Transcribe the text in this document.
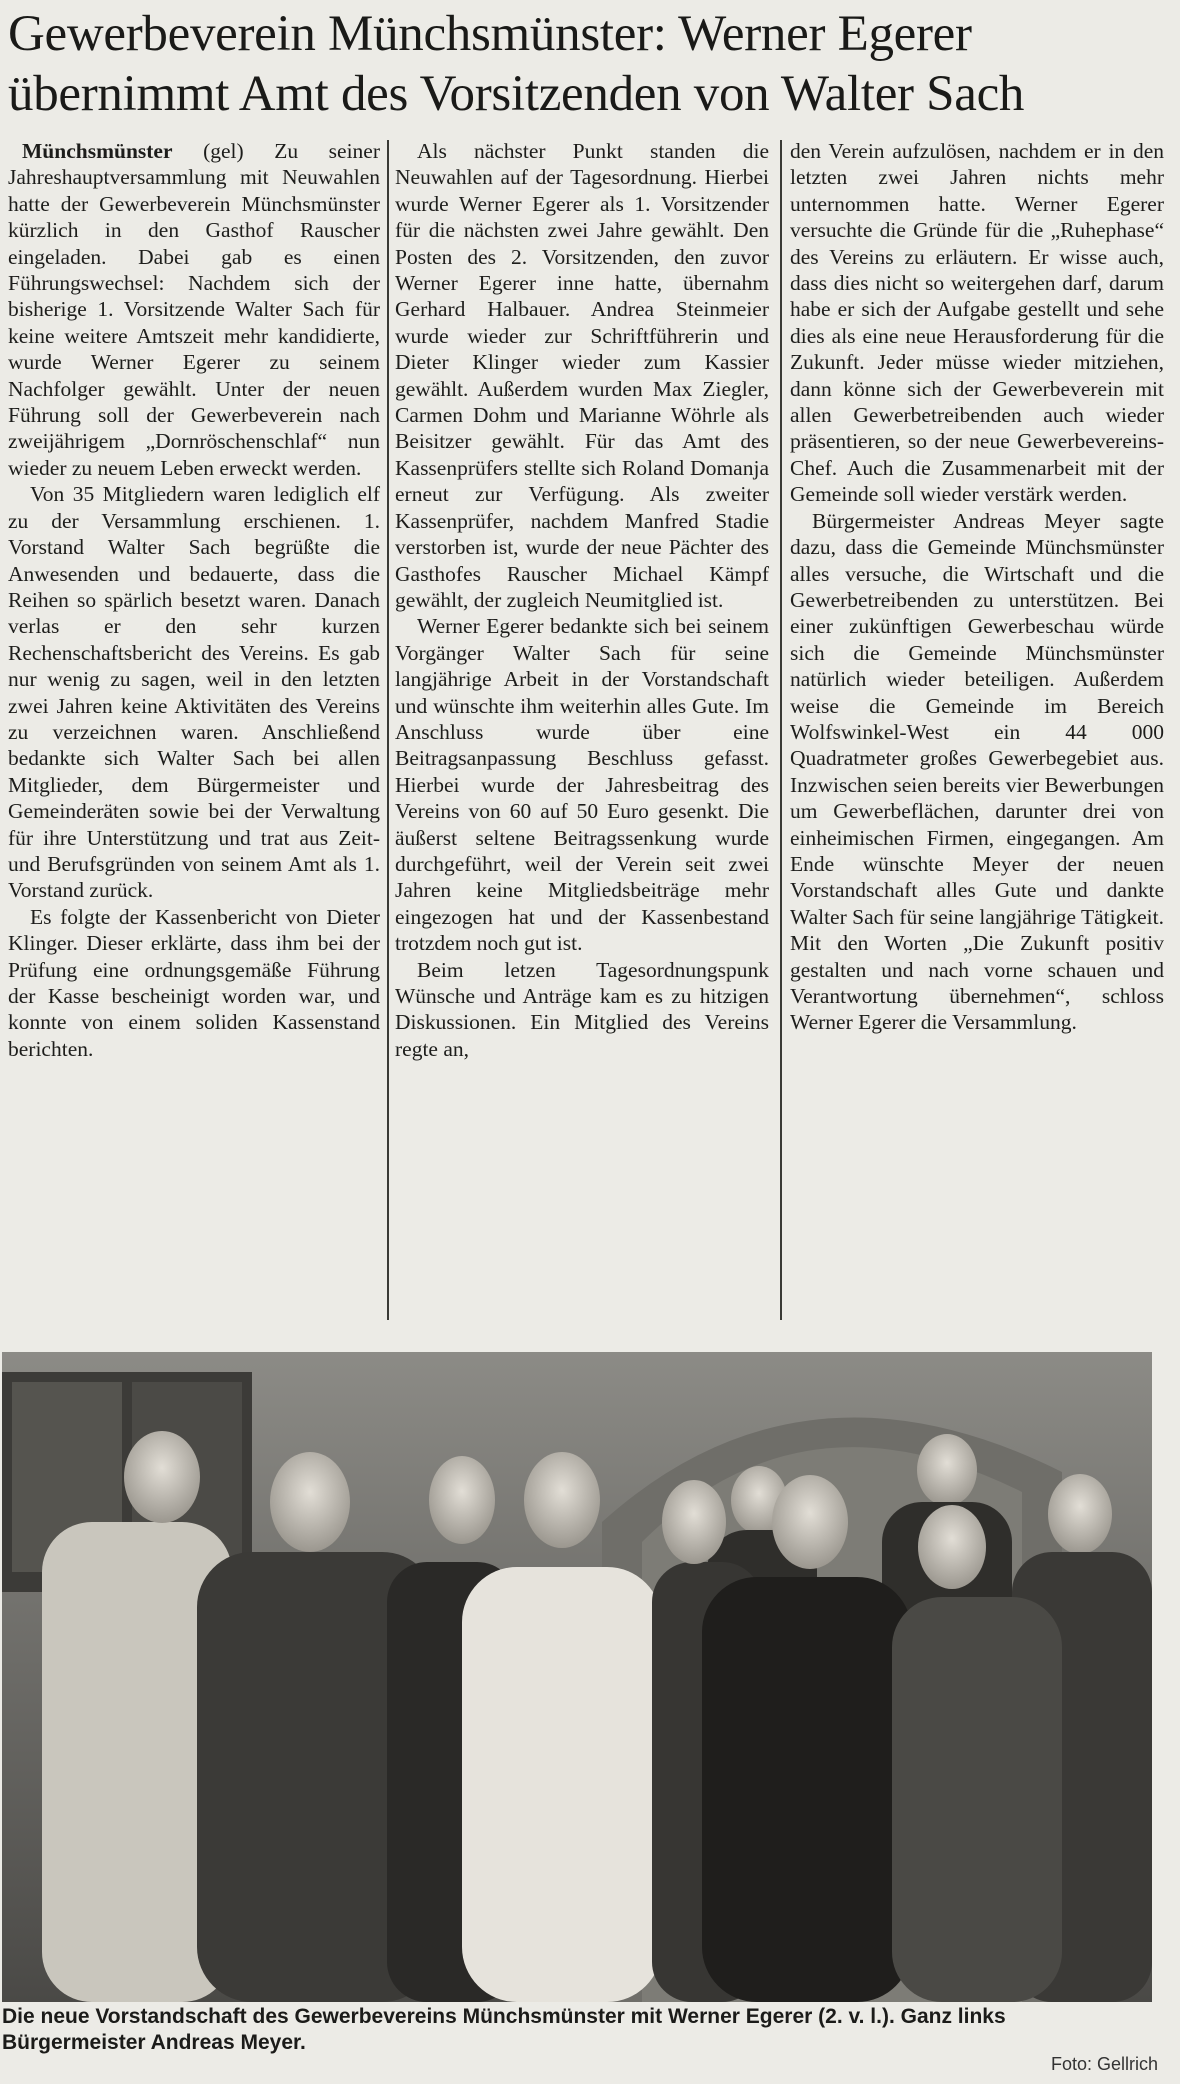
Gewerbeverein Münchsmünster: Werner Egerer
übernimmt Amt des Vorsitzenden von Walter Sach

Münchsmünster (gel) Zu seiner Jahreshauptversammlung mit Neuwahlen hatte der Gewerbeverein Münchsmünster kürzlich in den Gasthof Rauscher eingeladen. Dabei gab es einen Führungswechsel: Nachdem sich der bisherige 1. Vorsitzende Walter Sach für keine weitere Amtszeit mehr kandidierte, wurde Werner Egerer zu seinem Nachfolger gewählt. Unter der neuen Führung soll der Gewerbeverein nach zweijährigem „Dornröschenschlaf“ nun wieder zu neuem Leben erweckt werden.

Von 35 Mitgliedern waren lediglich elf zu der Versammlung erschienen. 1. Vorstand Walter Sach begrüßte die Anwesenden und bedauerte, dass die Reihen so spärlich besetzt waren. Danach verlas er den sehr kurzen Rechenschaftsbericht des Vereins. Es gab nur wenig zu sagen, weil in den letzten zwei Jahren keine Aktivitäten des Vereins zu verzeichnen waren. Anschließend bedankte sich Walter Sach bei allen Mitglieder, dem Bürgermeister und Gemeinderäten sowie bei der Verwaltung für ihre Unterstützung und trat aus Zeit- und Berufsgründen von seinem Amt als 1. Vorstand zurück.

Es folgte der Kassenbericht von Dieter Klinger. Dieser erklärte, dass ihm bei der Prüfung eine ordnungsgemäße Führung der Kasse bescheinigt worden war, und konnte von einem soliden Kassenstand berichten.

Als nächster Punkt standen die Neuwahlen auf der Tagesordnung. Hierbei wurde Werner Egerer als 1. Vorsitzender für die nächsten zwei Jahre gewählt. Den Posten des 2. Vorsitzenden, den zuvor Werner Egerer inne hatte, übernahm Gerhard Halbauer. Andrea Steinmeier wurde wieder zur Schriftführerin und Dieter Klinger wieder zum Kassier gewählt. Außerdem wurden Max Ziegler, Carmen Dohm und Marianne Wöhrle als Beisitzer gewählt. Für das Amt des Kassenprüfers stellte sich Roland Domanja erneut zur Verfügung. Als zweiter Kassenprüfer, nachdem Manfred Stadie verstorben ist, wurde der neue Pächter des Gasthofes Rauscher Michael Kämpf gewählt, der zugleich Neumitglied ist.

Werner Egerer bedankte sich bei seinem Vorgänger Walter Sach für seine langjährige Arbeit in der Vorstandschaft und wünschte ihm weiterhin alles Gute. Im Anschluss wurde über eine Beitragsanpassung Beschluss gefasst. Hierbei wurde der Jahresbeitrag des Vereins von 60 auf 50 Euro gesenkt. Die äußerst seltene Beitragssenkung wurde durchgeführt, weil der Verein seit zwei Jahren keine Mitgliedsbeiträge mehr eingezogen hat und der Kassenbestand trotzdem noch gut ist.

Beim letzen Tagesordnungspunk Wünsche und Anträge kam es zu hitzigen Diskussionen. Ein Mitglied des Vereins regte an,

den Verein aufzulösen, nachdem er in den letzten zwei Jahren nichts mehr unternommen hatte. Werner Egerer versuchte die Gründe für die „Ruhephase“ des Vereins zu erläutern. Er wisse auch, dass dies nicht so weitergehen darf, darum habe er sich der Aufgabe gestellt und sehe dies als eine neue Herausforderung für die Zukunft. Jeder müsse wieder mitziehen, dann könne sich der Gewerbeverein mit allen Gewerbetreibenden auch wieder präsentieren, so der neue Gewerbevereins-Chef. Auch die Zusammenarbeit mit der Gemeinde soll wieder verstärk werden.

Bürgermeister Andreas Meyer sagte dazu, dass die Gemeinde Münchsmünster alles versuche, die Wirtschaft und die Gewerbetreibenden zu unterstützen. Bei einer zukünftigen Gewerbeschau würde sich die Gemeinde Münchsmünster natürlich wieder beteiligen. Außerdem weise die Gemeinde im Bereich Wolfswinkel-West ein 44 000 Quadratmeter großes Gewerbegebiet aus. Inzwischen seien bereits vier Bewerbungen um Gewerbeflächen, darunter drei von einheimischen Firmen, eingegangen. Am Ende wünschte Meyer der neuen Vorstandschaft alles Gute und dankte Walter Sach für seine langjährige Tätigkeit. Mit den Worten „Die Zukunft positiv gestalten und nach vorne schauen und Verantwortung übernehmen“, schloss Werner Egerer die Versammlung.

Die neue Vorstandschaft des Gewerbevereins Münchsmünster mit Werner Egerer (2. v. l.). Ganz links
Bürgermeister Andreas Meyer.
Foto: Gellrich
